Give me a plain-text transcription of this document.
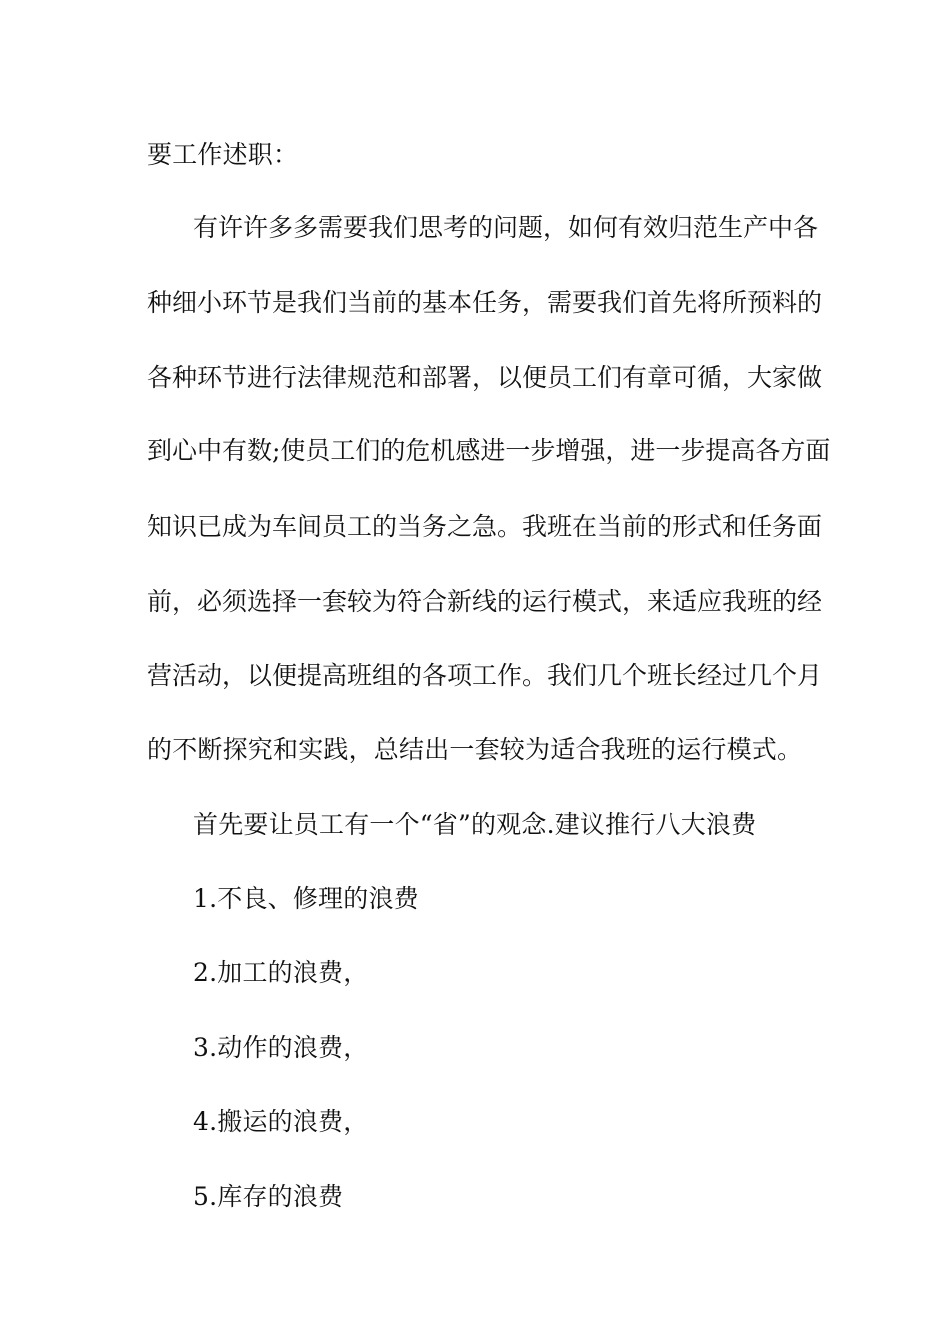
要工作述职：
有许许多多需要我们思考的问题，如何有效归范生产中各
种细小环节是我们当前的基本任务，需要我们首先将所预料的
各种环节进行法律规范和部署，以便员工们有章可循，大家做
到心中有数;使员工们的危机感进一步增强，进一步提高各方面
知识已成为车间员工的当务之急。我班在当前的形式和任务面
前，必须选择一套较为符合新线的运行模式，来适应我班的经
营活动，以便提高班组的各项工作。我们几个班长经过几个月
的不断探究和实践，总结出一套较为适合我班的运行模式。
首先要让员工有一个“省”的观念.建议推行八大浪费
1.不良、修理的浪费
2.加工的浪费，
3.动作的浪费，
4.搬运的浪费，
5.库存的浪费
